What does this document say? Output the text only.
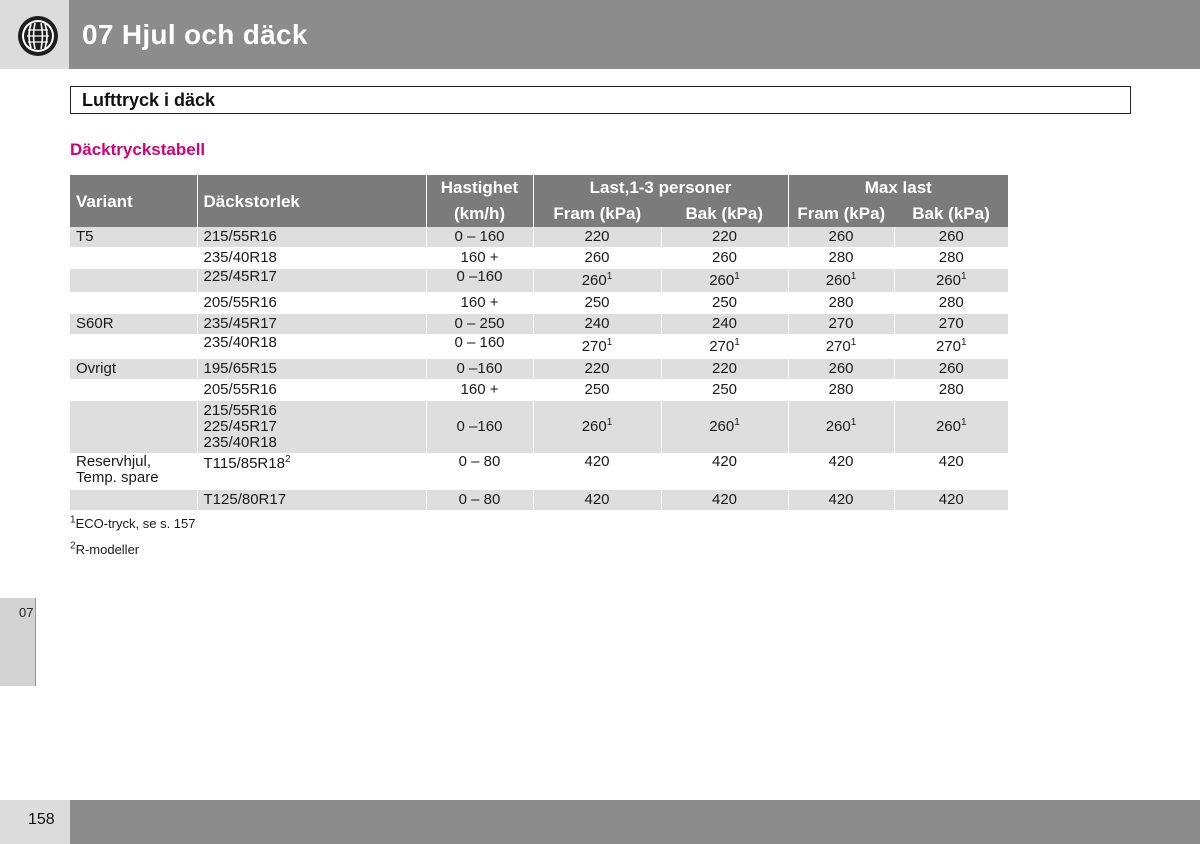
07 Hjul och däck
Lufttryck i däck
Däcktryckstabell
Variant	Däckstorlek	Hastighet	Last,1-3 personer		Max last	
		(km/h)	Fram (kPa)	Bak (kPa)	Fram (kPa)	Bak (kPa)
T5	215/55R16	0 – 160	220	220	260	260
	235/40R18	160 +	260	260	280	280
	225/45R17	0 –160	$260^1$	$260^1$	$260^1$	$260^1$
	205/55R16	160 +	250	250	280	280
S60R	235/45R17	0 – 250	240	240	270	270
	235/40R18	0 – 160	$270^1$	$270^1$	$270^1$	$270^1$
Ovrigt	195/65R15	0 –160	220	220	260	260
	205/55R16	160 +	250	250	280	280

	215/55R16
225/45R17
235/40R18	0 –160	$260^1$	$260^1$	$260^1$	$260^1$

Reservhjul,
Temp. spare	$T115/85R18^2$	0 – 80	420	420	420	420
	T125/80R17	0 – 80	420	420	420	420
$^1$ECO-tryck, se s. 157
$^2$R-modeller
07
158
